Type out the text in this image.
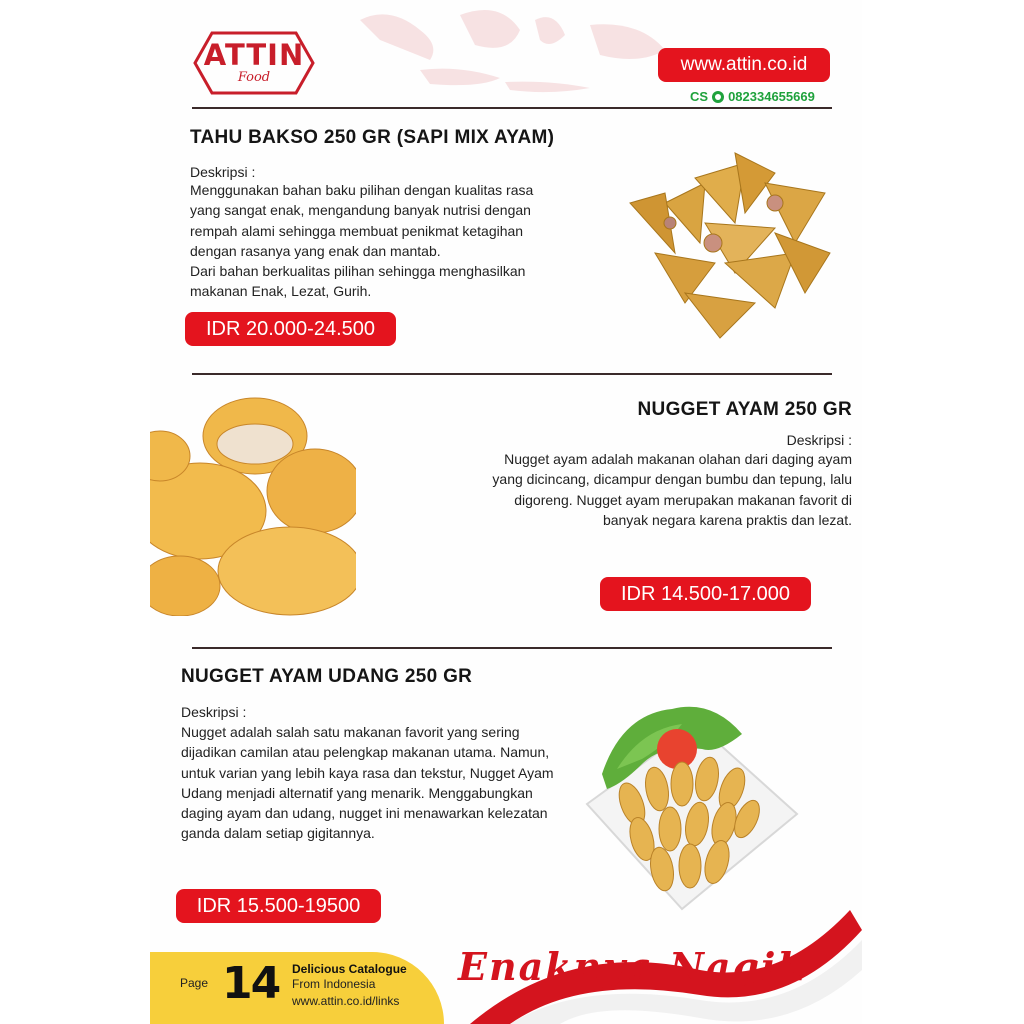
ATTIN
Food
www.attin.co.id
CS 082334655669
TAHU BAKSO 250 GR (SAPI MIX AYAM)
Deskripsi :
Menggunakan bahan baku pilihan dengan kualitas rasa
yang sangat enak, mengandung banyak nutrisi dengan
rempah alami sehingga membuat penikmat ketagihan
dengan rasanya yang enak dan mantab.
Dari bahan berkualitas pilihan sehingga menghasilkan
makanan Enak, Lezat, Gurih.
IDR 20.000-24.500
NUGGET AYAM 250 GR
Deskripsi :
Nugget ayam adalah makanan olahan dari daging ayam
yang dicincang, dicampur dengan bumbu dan tepung, lalu
digoreng. Nugget ayam merupakan makanan favorit di
banyak negara karena praktis dan lezat.
IDR 14.500-17.000
NUGGET AYAM UDANG 250 GR
Deskripsi :
Nugget adalah salah satu makanan favorit yang sering
dijadikan camilan atau pelengkap makanan utama. Namun,
untuk varian yang lebih kaya rasa dan tekstur, Nugget Ayam
Udang menjadi alternatif yang menarik. Menggabungkan
daging ayam dan udang, nugget ini menawarkan kelezatan
ganda dalam setiap gigitannya.
IDR 15.500-19500
Page 14 Delicious Catalogue
From Indonesia
www.attin.co.id/links
Enaknya Nagih
